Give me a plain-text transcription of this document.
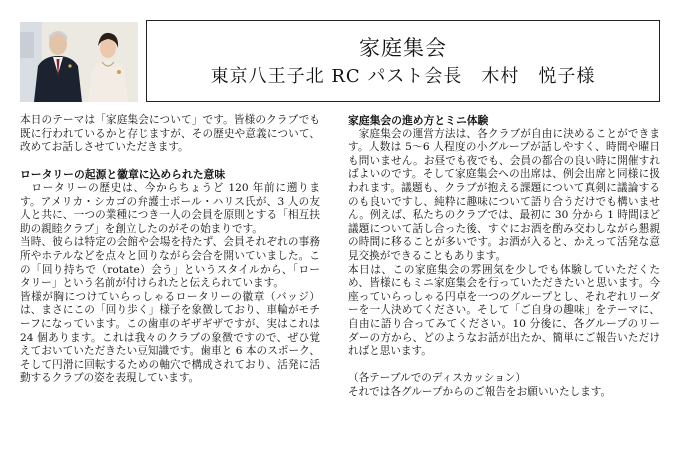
家庭集会
東京八王子北 RC パスト会長　木村　悦子様

本日のテーマは「家庭集会について」です。皆様のクラブでも既に行われているかと存じますが、その歴史や意義について、改めてお話しさせていただきます。

ロータリーの起源と徽章に込められた意味

　ロータリーの歴史は、今からちょうど 120 年前に遡ります。アメリカ・シカゴの弁護士ポール・ハリス氏が、3 人の友人と共に、一つの業種につき一人の会員を原則とする「相互扶助の親睦クラブ」を創立したのがその始まりです。

当時、彼らは特定の会館や会場を持たず、会員それぞれの事務所やホテルなどを点々と回りながら会合を開いていました。この「回り持ちで（rotate）会う」というスタイルから、「ロータリー」という名前が付けられたと伝えられています。

皆様が胸につけていらっしゃるロータリーの徽章（バッジ）は、まさにこの「回り歩く」様子を象徴しており、車輪がモチーフになっています。この歯車のギザギザですが、実はこれは 24 個あります。これは我々のクラブの象徴ですので、ぜひ覚えておいていただきたい豆知識です。歯車と 6 本のスポーク、そして円滑に回転するための軸穴で構成されており、活発に活動するクラブの姿を表現しています。

家庭集会の進め方とミニ体験

　家庭集会の運営方法は、各クラブが自由に決めることができます。人数は 5〜6 人程度の小グループが話しやすく、時間や曜日も問いません。お昼でも夜でも、会員の都合の良い時に開催すればよいのです。そして家庭集会への出席は、例会出席と同様に扱われます。議題も、クラブが抱える課題について真剣に議論するのも良いですし、純粋に趣味について語り合うだけでも構いません。例えば、私たちのクラブでは、最初に 30 分から 1 時間ほど議題について話し合った後、すぐにお酒を酌み交わしながら懇親の時間に移ることが多いです。お酒が入ると、かえって活発な意見交換ができることもあります。

本日は、この家庭集会の雰囲気を少しでも体験していただくため、皆様にもミニ家庭集会を行っていただきたいと思います。今座っていらっしゃる円卓を一つのグループとし、それぞれリーダーを一人決めてください。そして「ご自身の趣味」をテーマに、自由に語り合ってみてください。10 分後に、各グループのリーダーの方から、どのようなお話が出たか、簡単にご報告いただければと思います。

（各テーブルでのディスカッション）

それでは各グループからのご報告をお願いいたします。
